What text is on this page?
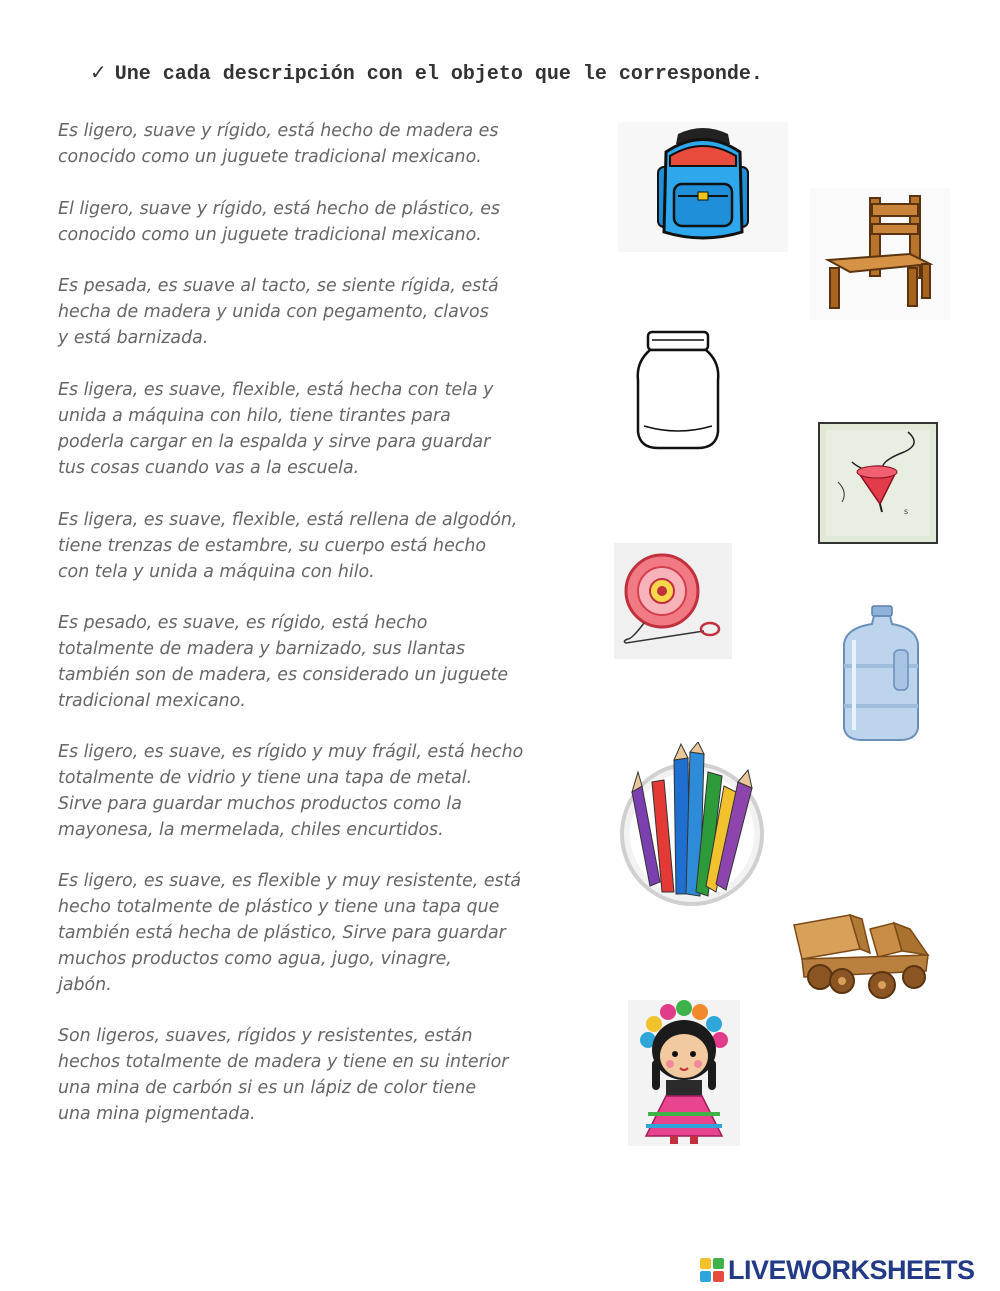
✓ Une cada descripción con el objeto que le corresponde.

Es ligero, suave y rígido, está hecho de madera es
conocido como un juguete tradicional mexicano.

El ligero, suave y rígido, está hecho de plástico, es
conocido como un juguete tradicional mexicano.

Es pesada, es suave al tacto, se siente rígida, está
hecha de madera y unida con pegamento, clavos
y está barnizada.

Es ligera, es suave, flexible, está hecha con tela y
unida a máquina con hilo, tiene tirantes para
poderla cargar en la espalda y sirve para guardar
tus cosas cuando vas a la escuela.

Es ligera, es suave, flexible, está rellena de algodón,
tiene trenzas de estambre, su cuerpo está hecho
con tela y unida a máquina con hilo.

Es pesado, es suave, es rígido, está hecho
totalmente de madera y barnizado, sus llantas
también son de madera, es considerado un juguete
tradicional mexicano.

Es ligero, es suave, es rígido y muy frágil, está hecho
totalmente de vidrio y tiene una tapa de metal.
Sirve para guardar muchos productos como la
mayonesa, la mermelada, chiles encurtidos.

Es ligero, es suave, es flexible y muy resistente, está
hecho totalmente de plástico y tiene una tapa que
también está hecha de plástico, Sirve para guardar
muchos productos como agua, jugo, vinagre,
jabón.

Son ligeros, suaves, rígidos y resistentes, están
hechos totalmente de madera y tiene en su interior
una mina de carbón si es un lápiz de color tiene
una mina pigmentada.

s
LIVEWORKSHEETS
